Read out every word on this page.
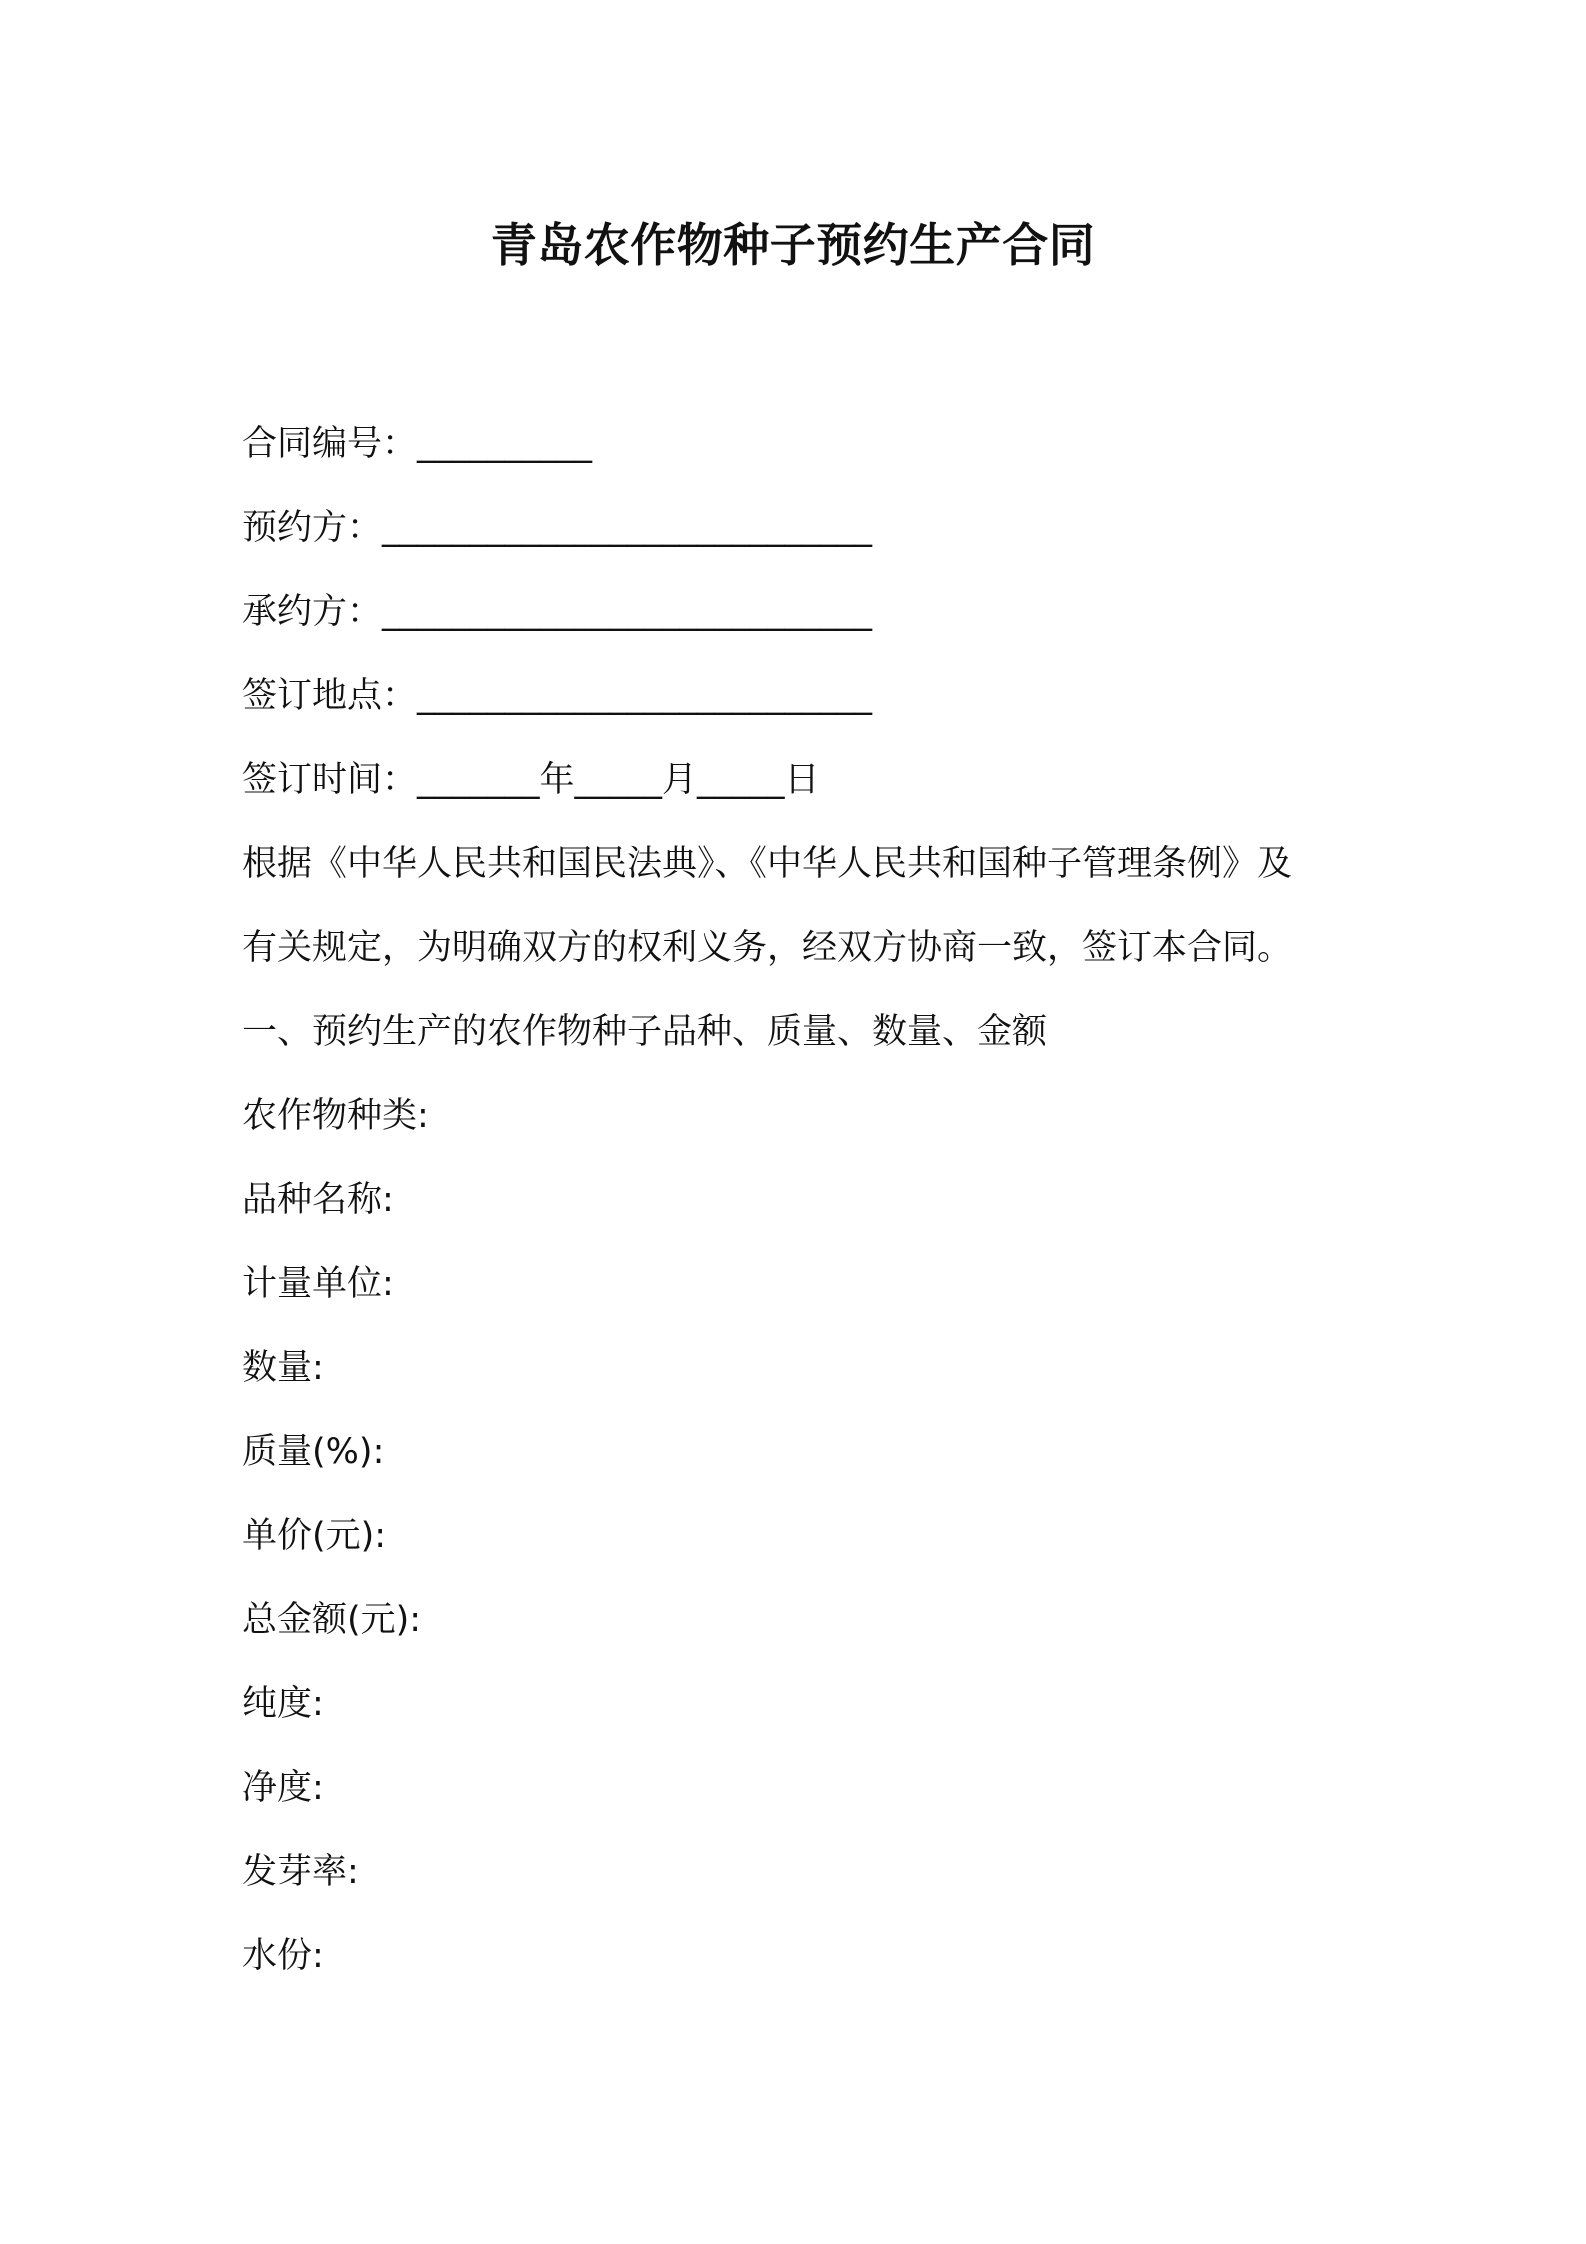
青岛农作物种子预约生产合同
合同编号：__________
预约方：____________________________
承约方：____________________________
签订地点：__________________________
签订时间：_______年_____月_____日
根据《中华人民共和国民法典》、《中华人民共和国种子管理条例》及
有关规定，为明确双方的权利义务，经双方协商一致，签订本合同。
一、预约生产的农作物种子品种、质量、数量、金额
农作物种类:
品种名称:
计量单位:
数量:
质量(%):
单价(元):
总金额(元):
纯度:
净度:
发芽率:
水份:
